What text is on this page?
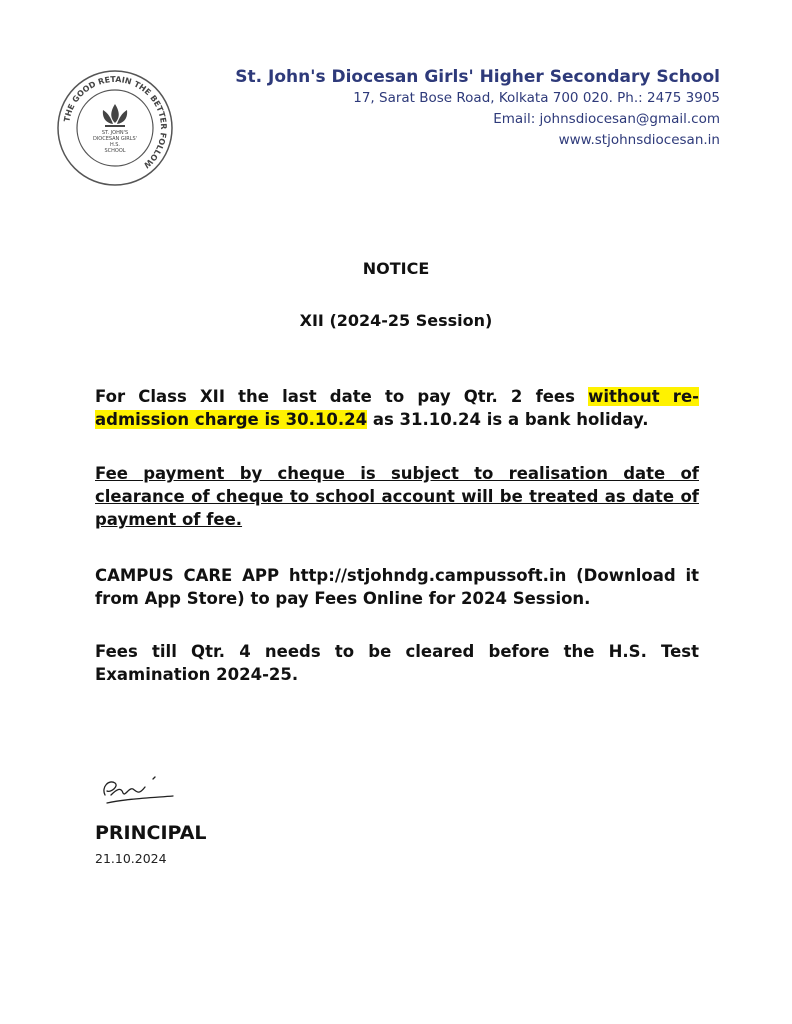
THE GOOD RETAIN THE BETTER FOLLOW
ST. JOHN'S
DIOCESAN GIRLS'
H.S.
SCHOOL
St. John's Diocesan Girls' Higher Secondary School
17, Sarat Bose Road, Kolkata 700 020. Ph.: 2475 3905
Email: johnsdiocesan@gmail.com
www.stjohnsdiocesan.in
NOTICE
XII (2024-25 Session)

For Class XII the last date to pay Qtr. 2 fees without re-admission charge is 30.10.24 as 31.10.24 is a bank holiday.

Fee payment by cheque is subject to realisation date of clearance of cheque to school account will be treated as date of payment of fee.

CAMPUS CARE APP http://stjohndg.campussoft.in (Download it from App Store) to pay Fees Online for 2024 Session.

Fees till Qtr. 4 needs to be cleared before the H.S. Test Examination 2024-25.

PRINCIPAL
21.10.2024
